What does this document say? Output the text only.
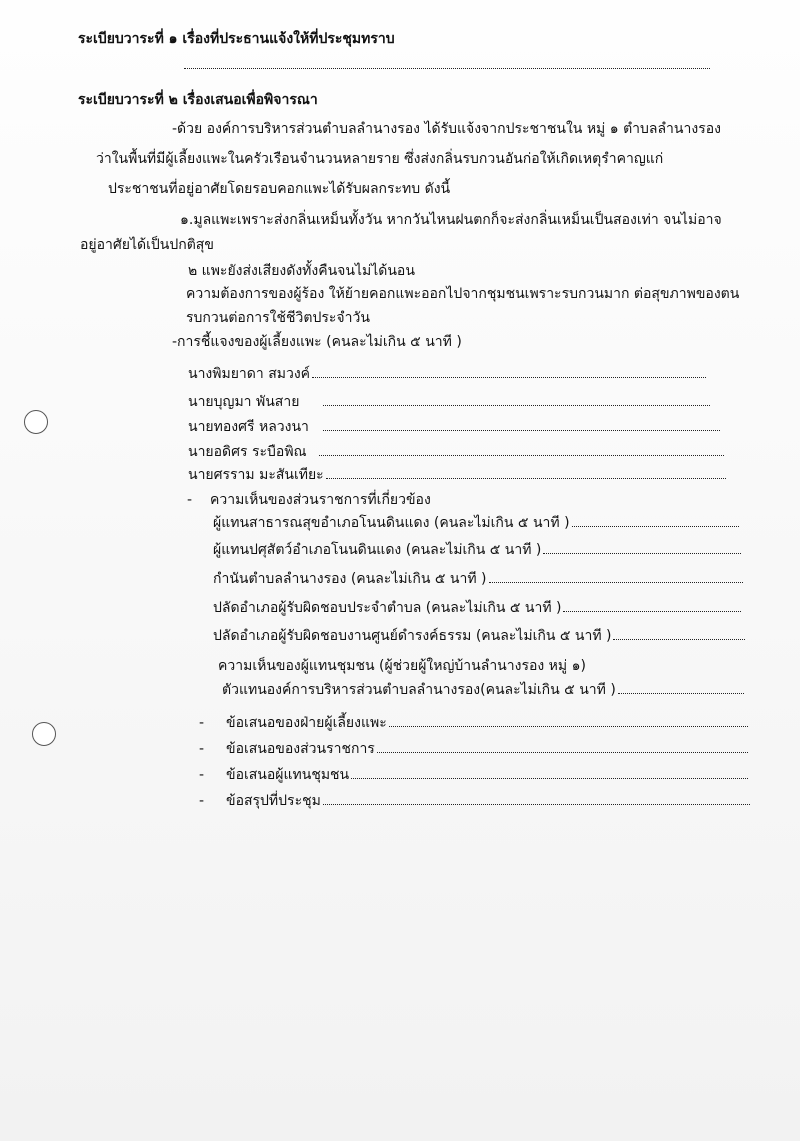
ระเบียบวาระที่ ๑ เรื่องที่ประธานแจ้งให้ที่ประชุมทราบ
ระเบียบวาระที่ ๒ เรื่องเสนอเพื่อพิจารณา
-ด้วย องค์การบริหารส่วนตำบลลำนางรอง ได้รับแจ้งจากประชาชนใน หมู่ ๑ ตำบลลำนางรอง
ว่าในพื้นที่มีผู้เลี้ยงแพะในครัวเรือนจำนวนหลายราย ซึ่งส่งกลิ่นรบกวนอันก่อให้เกิดเหตุรำคาญแก่
ประชาชนที่อยู่อาศัยโดยรอบคอกแพะได้รับผลกระทบ ดังนี้
๑.มูลแพะเพราะส่งกลิ่นเหม็นทั้งวัน หากวันไหนฝนตกก็จะส่งกลิ่นเหม็นเป็นสองเท่า จนไม่อาจ
อยู่อาศัยได้เป็นปกติสุข
๒ แพะยังส่งเสียงดังทั้งคืนจนไม่ได้นอน
ความต้องการของผู้ร้อง ให้ย้ายคอกแพะออกไปจากชุมชนเพราะรบกวนมาก ต่อสุขภาพของตน
รบกวนต่อการใช้ชีวิตประจำวัน
-การชี้แจงของผู้เลี้ยงแพะ (คนละไม่เกิน ๕ นาที )
นางพิมยาดา สมวงค์
นายบุญมา พันสาย
นายทองศรี หลวงนา
นายอดิศร ระบือพิณ
นายศรราม มะสันเทียะ
- ความเห็นของส่วนราชการที่เกี่ยวข้อง
ผู้แทนสาธารณสุขอำเภอโนนดินแดง (คนละไม่เกิน ๕ นาที )
ผู้แทนปศุสัตว์อำเภอโนนดินแดง (คนละไม่เกิน ๕ นาที )
กำนันตำบลลำนางรอง (คนละไม่เกิน ๕ นาที )
ปลัดอำเภอผู้รับผิดชอบประจำตำบล (คนละไม่เกิน ๕ นาที )
ปลัดอำเภอผู้รับผิดชอบงานศูนย์ดำรงค์ธรรม (คนละไม่เกิน ๕ นาที )
ความเห็นของผู้แทนชุมชน (ผู้ช่วยผู้ใหญ่บ้านลำนางรอง หมู่ ๑)
ตัวแทนองค์การบริหารส่วนตำบลลำนางรอง(คนละไม่เกิน ๕ นาที )
- ข้อเสนอของฝ่ายผู้เลี้ยงแพะ
- ข้อเสนอของส่วนราชการ
- ข้อเสนอผู้แทนชุมชน
- ข้อสรุปที่ประชุม
